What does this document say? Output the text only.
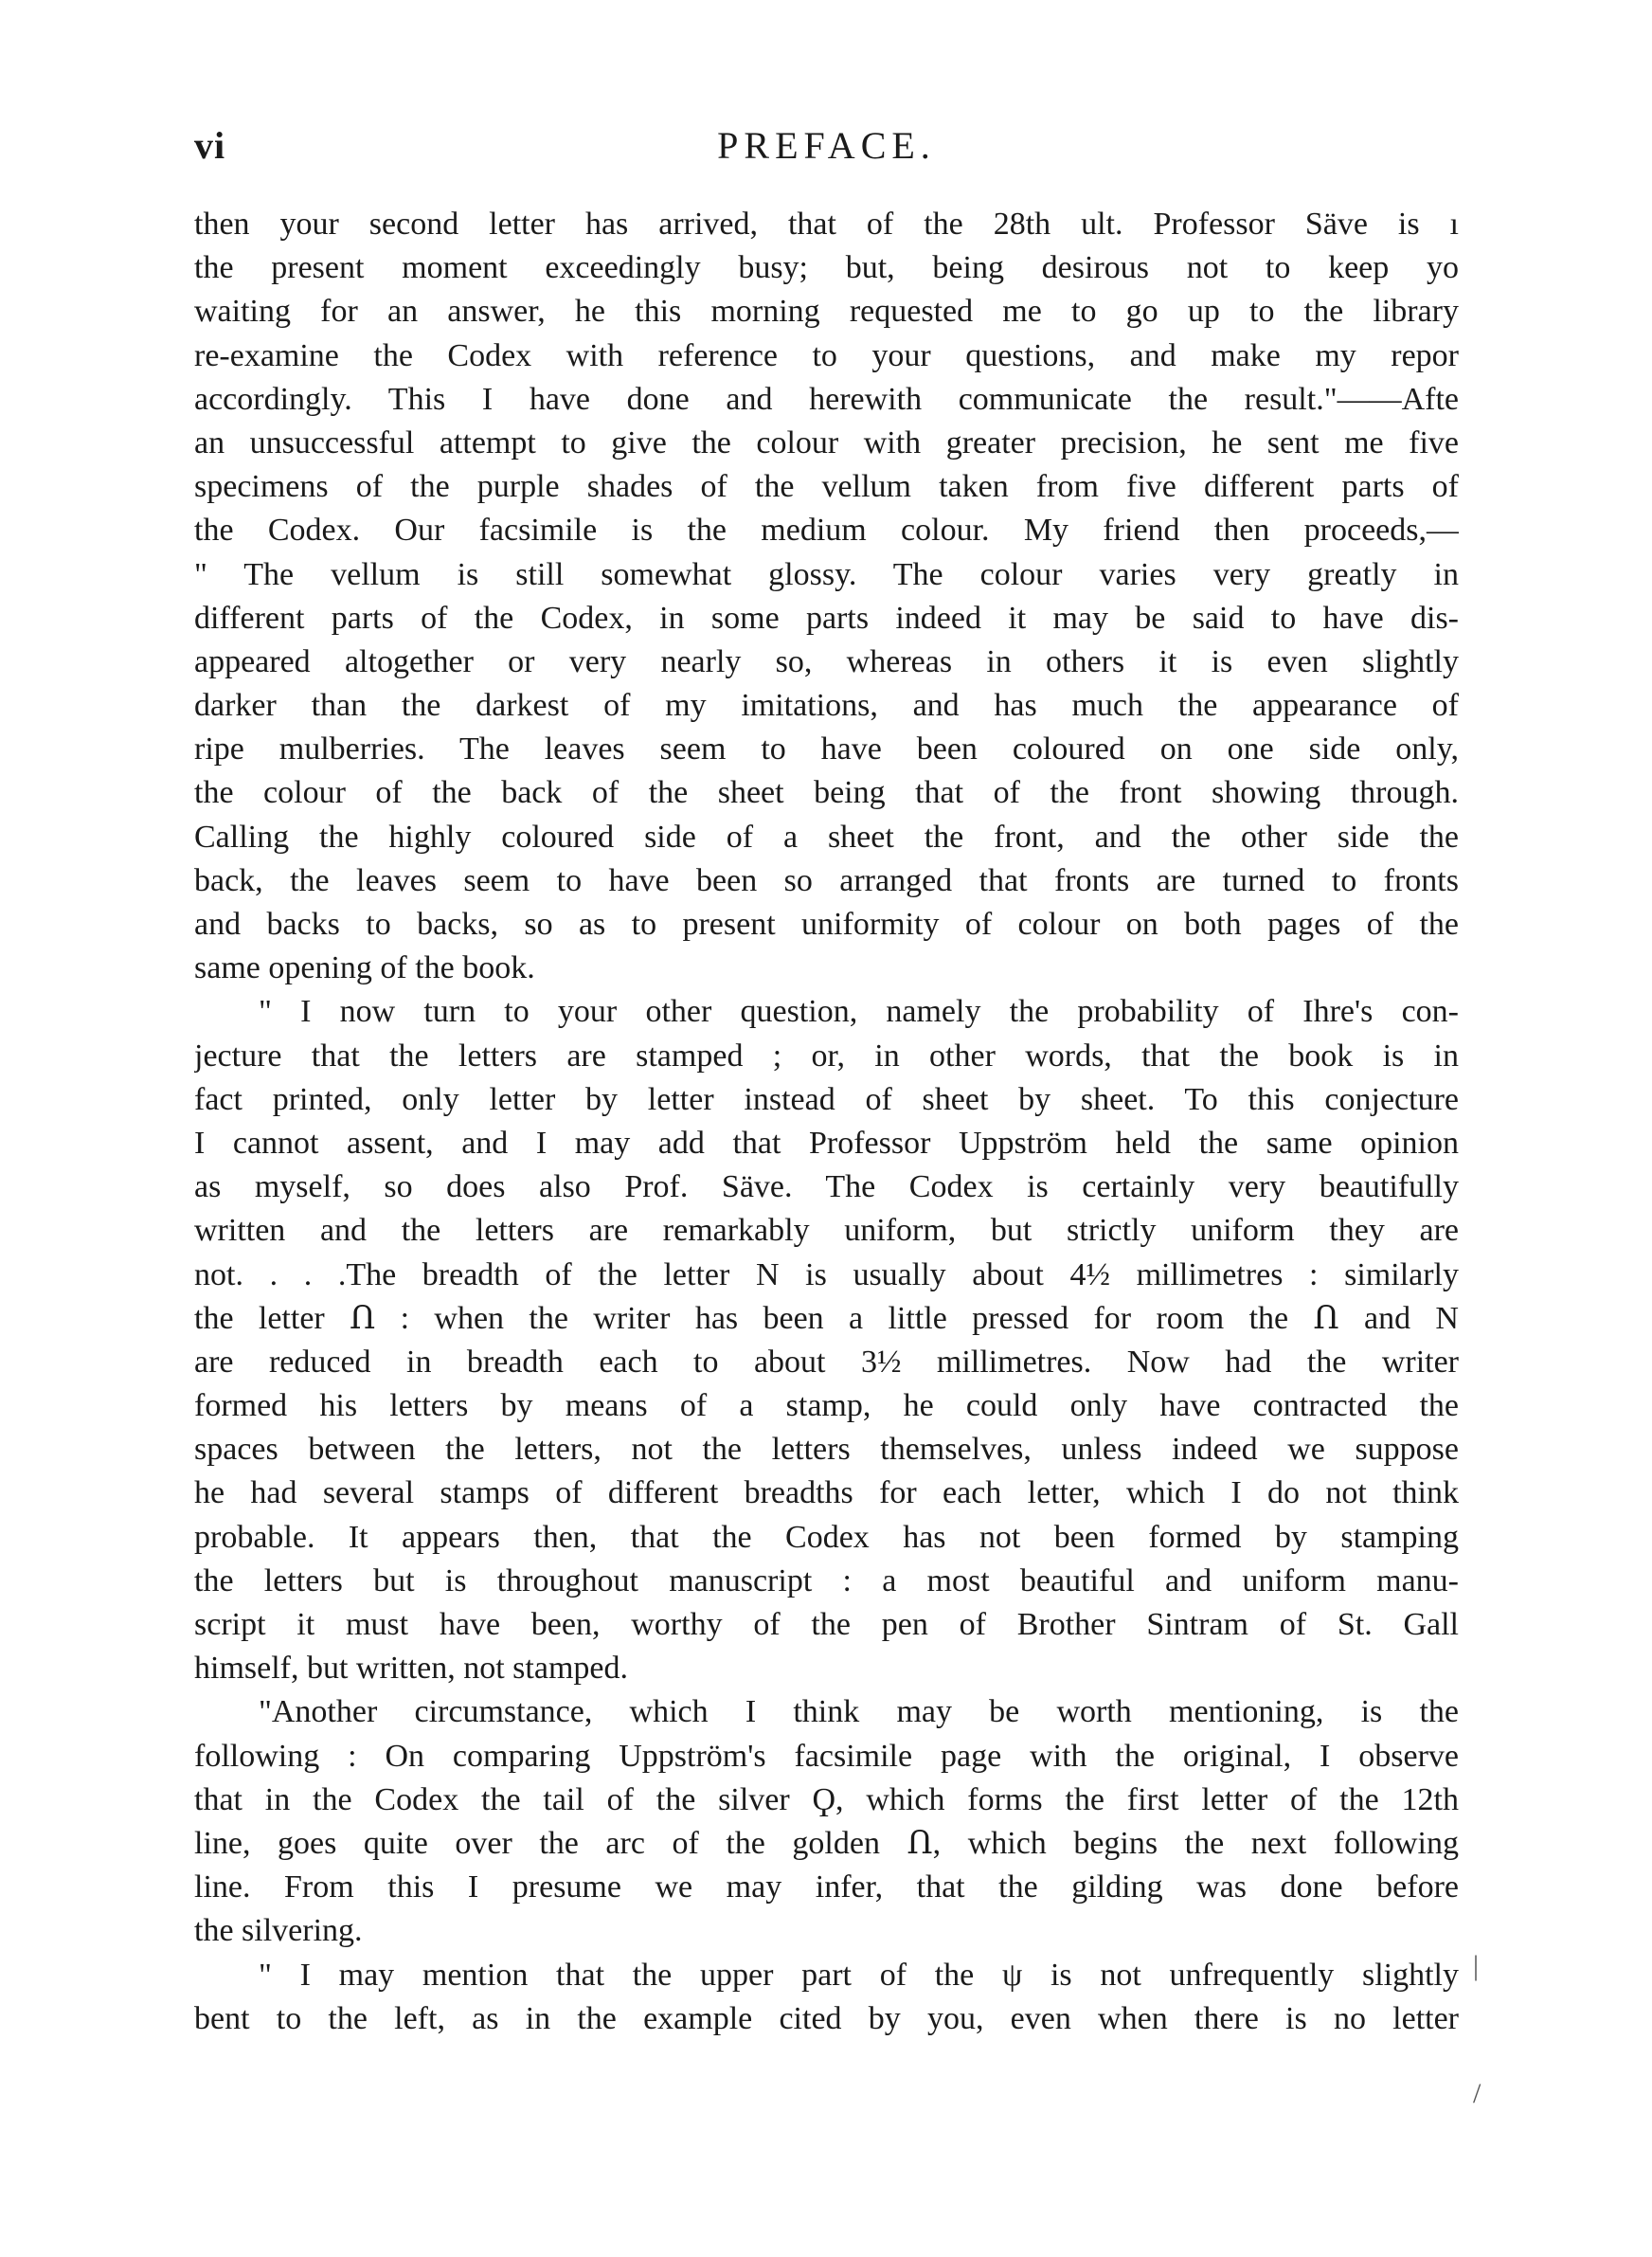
vi	PREFACE.
then your second letter has arrived, that of the 28th ult. Professor Säve is ı
the present moment exceedingly busy; but, being desirous not to keep yo
waiting for an answer, he this morning requested me to go up to the library
re-examine the Codex with reference to your questions, and make my repor
accordingly. This I have done and herewith communicate the result."——Afte
an unsuccessful attempt to give the colour with greater precision, he sent me five
specimens of the purple shades of the vellum taken from five different parts of
the Codex. Our facsimile is the medium colour. My friend then proceeds,—
" The vellum is still somewhat glossy. The colour varies very greatly in
different parts of the Codex, in some parts indeed it may be said to have dis-
appeared altogether or very nearly so, whereas in others it is even slightly
darker than the darkest of my imitations, and has much the appearance of
ripe mulberries. The leaves seem to have been coloured on one side only,
the colour of the back of the sheet being that of the front showing through.
Calling the highly coloured side of a sheet the front, and the other side the
back, the leaves seem to have been so arranged that fronts are turned to fronts
and backs to backs, so as to present uniformity of colour on both pages of the
same opening of the book.
" I now turn to your other question, namely the probability of Ihre's con-
jecture that the letters are stamped ; or, in other words, that the book is in
fact printed, only letter by letter instead of sheet by sheet. To this conjecture
I cannot assent, and I may add that Professor Uppström held the same opinion
as myself, so does also Prof. Säve. The Codex is certainly very beautifully
written and the letters are remarkably uniform, but strictly uniform they are
not. . . .The breadth of the letter N is usually about 4½ millimetres : similarly
the letter Ո : when the writer has been a little pressed for room the Ո and N
are reduced in breadth each to about 3½ millimetres. Now had the writer
formed his letters by means of a stamp, he could only have contracted the
spaces between the letters, not the letters themselves, unless indeed we suppose
he had several stamps of different breadths for each letter, which I do not think
probable. It appears then, that the Codex has not been formed by stamping
the letters but is throughout manuscript : a most beautiful and uniform manu-
script it must have been, worthy of the pen of Brother Sintram of St. Gall
himself, but written, not stamped.
"Another circumstance, which I think may be worth mentioning, is the
following : On comparing Uppström's facsimile page with the original, I observe
that in the Codex the tail of the silver Ϙ, which forms the first letter of the 12th
line, goes quite over the arc of the golden Ո, which begins the next following
line. From this I presume we may infer, that the gilding was done before
the silvering.
" I may mention that the upper part of the ψ is not unfrequently slightly
bent to the left, as in the example cited by you, even when there is no letter
|
/
